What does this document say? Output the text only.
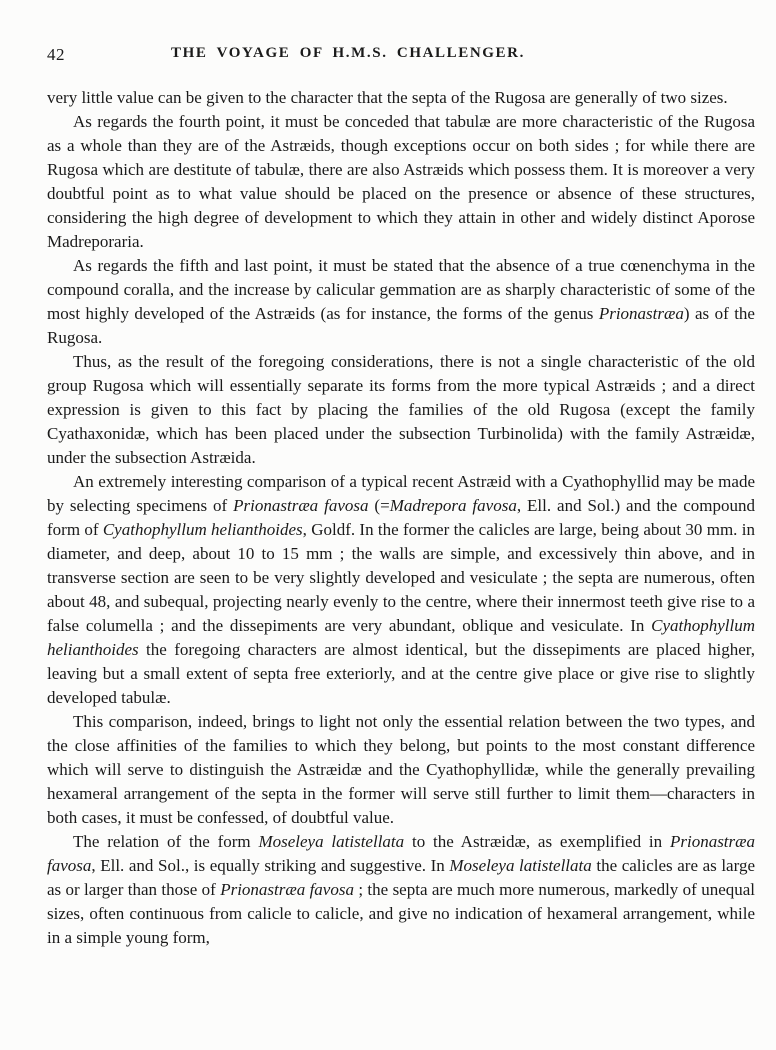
42	THE VOYAGE OF H.M.S. CHALLENGER.

very little value can be given to the character that the septa of the Rugosa are generally of two sizes.

As regards the fourth point, it must be conceded that tabulæ are more characteristic of the Rugosa as a whole than they are of the Astræids, though exceptions occur on both sides ; for while there are Rugosa which are destitute of tabulæ, there are also Astræids which possess them. It is moreover a very doubtful point as to what value should be placed on the presence or absence of these structures, considering the high degree of development to which they attain in other and widely distinct Aporose Madreporaria.

As regards the fifth and last point, it must be stated that the absence of a true cœnenchyma in the compound coralla, and the increase by calicular gemmation are as sharply characteristic of some of the most highly developed of the Astræids (as for instance, the forms of the genus Prionastræa) as of the Rugosa.

Thus, as the result of the foregoing considerations, there is not a single characteristic of the old group Rugosa which will essentially separate its forms from the more typical Astræids ; and a direct expression is given to this fact by placing the families of the old Rugosa (except the family Cyathaxonidæ, which has been placed under the subsection Turbinolida) with the family Astræidæ, under the subsection Astræida.

An extremely interesting comparison of a typical recent Astræid with a Cyathophyllid may be made by selecting specimens of Prionastræa favosa (=Madrepora favosa, Ell. and Sol.) and the compound form of Cyathophyllum helianthoides, Goldf. In the former the calicles are large, being about 30 mm. in diameter, and deep, about 10 to 15 mm ; the walls are simple, and excessively thin above, and in transverse section are seen to be very slightly developed and vesiculate ; the septa are numerous, often about 48, and subequal, projecting nearly evenly to the centre, where their innermost teeth give rise to a false columella ; and the dissepiments are very abundant, oblique and vesiculate. In Cyathophyllum helianthoides the foregoing characters are almost identical, but the dissepiments are placed higher, leaving but a small extent of septa free exteriorly, and at the centre give place or give rise to slightly developed tabulæ.

This comparison, indeed, brings to light not only the essential relation between the two types, and the close affinities of the families to which they belong, but points to the most constant difference which will serve to distinguish the Astræidæ and the Cyathophyllidæ, while the generally prevailing hexameral arrangement of the septa in the former will serve still further to limit them—characters in both cases, it must be confessed, of doubtful value.

The relation of the form Moseleya latistellata to the Astræidæ, as exemplified in Prionastræa favosa, Ell. and Sol., is equally striking and suggestive. In Moseleya latistellata the calicles are as large as or larger than those of Prionastræa favosa ; the septa are much more numerous, markedly of unequal sizes, often continuous from calicle to calicle, and give no indication of hexameral arrangement, while in a simple young form,
